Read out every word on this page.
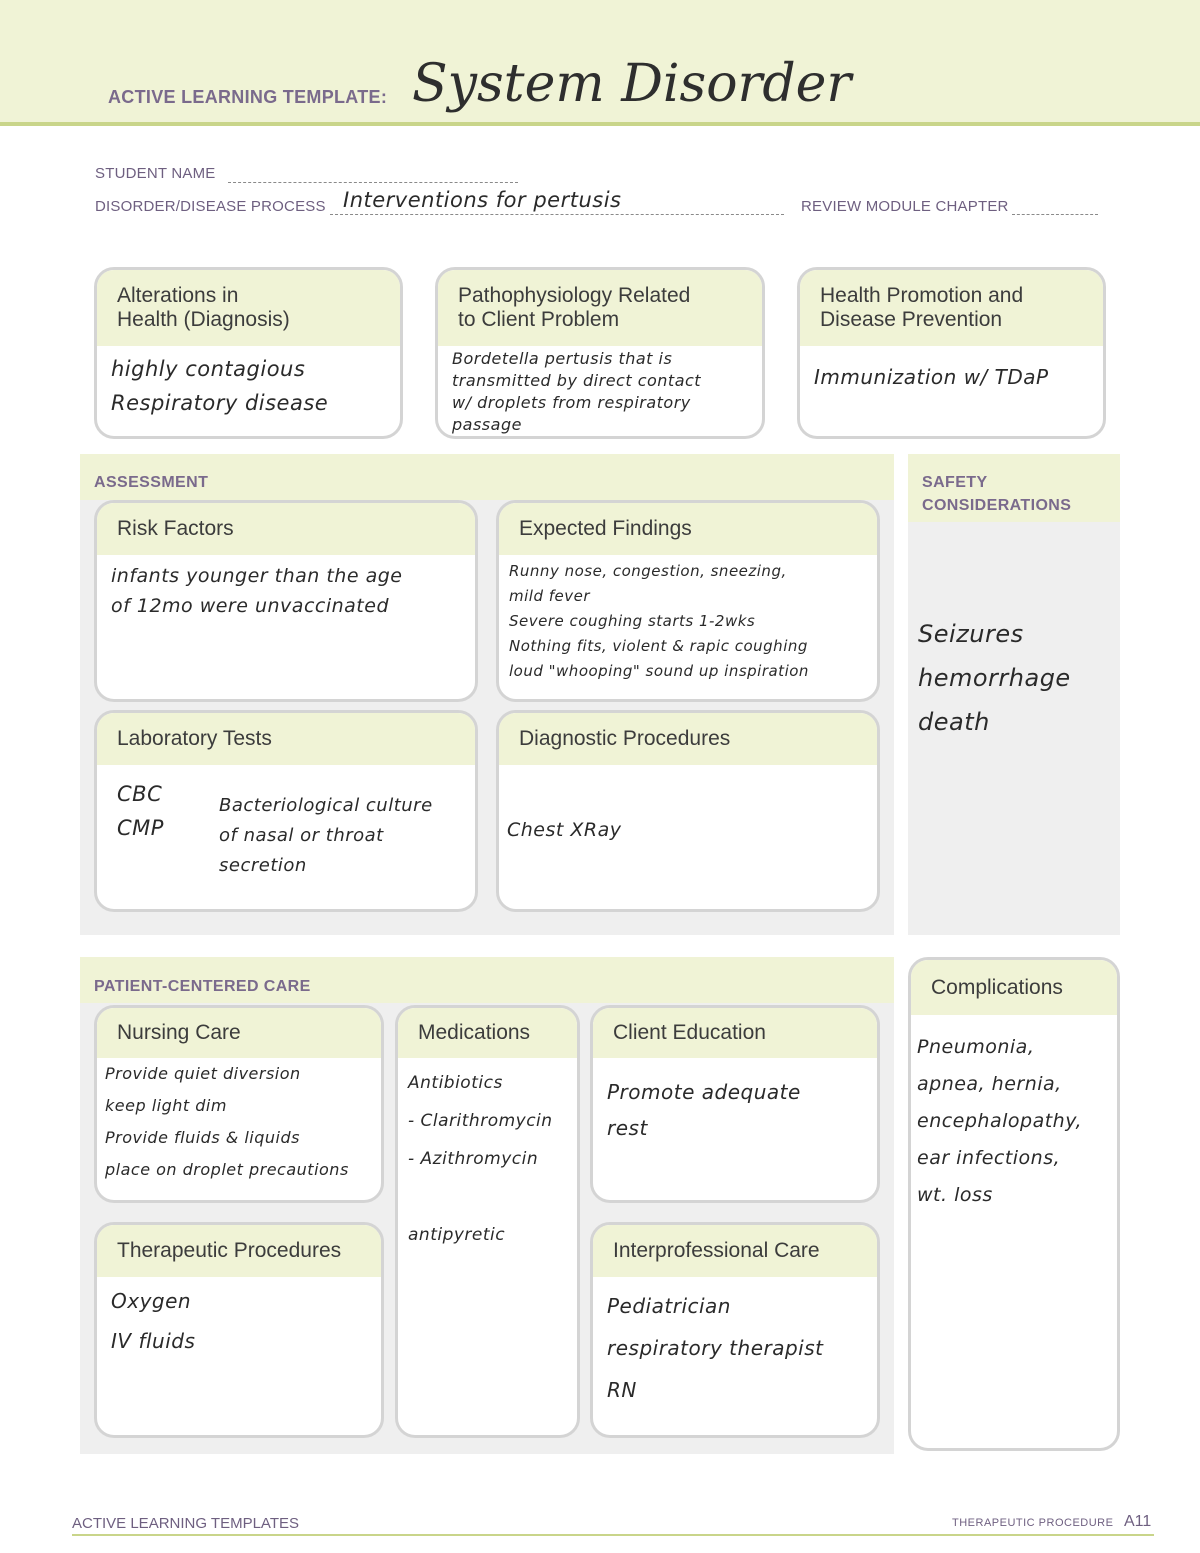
ACTIVE LEARNING TEMPLATE: System Disorder
STUDENT NAME
DISORDER/DISEASE PROCESS Interventions for pertusis	REVIEW MODULE CHAPTER
Alterations in
Health (Diagnosis)
highly contagious
Respiratory disease
Pathophysiology Related
to Client Problem
Bordetella pertusis that is
transmitted by direct contact
w/ droplets from respiratory
passage
Health Promotion and
Disease Prevention
Immunization w/ TDaP
ASSESSMENT
Risk Factors
infants younger than the age
of 12mo were unvaccinated
Expected Findings
Runny nose, congestion, sneezing,
mild fever
Severe coughing starts 1-2wks
Nothing fits, violent & rapic coughing
loud "whooping" sound up inspiration
Laboratory Tests
CBC
CMP
Bacteriological culture
of nasal or throat
secretion
Diagnostic Procedures
Chest XRay
SAFETY
CONSIDERATIONS
Seizures
hemorrhage
death
PATIENT-CENTERED CARE
Nursing Care
Provide quiet diversion
keep light dim
Provide fluids & liquids
place on droplet precautions
Medications
Antibiotics
- Clarithromycin
- Azithromycin

antipyretic
Client Education
Promote adequate
rest
Therapeutic Procedures
Oxygen
IV fluids
Interprofessional Care
Pediatrician
respiratory therapist
RN
Complications
Pneumonia,
apnea, hernia,
encephalopathy,
ear infections,
wt. loss
ACTIVE LEARNING TEMPLATES	THERAPEUTIC PROCEDURE A11
